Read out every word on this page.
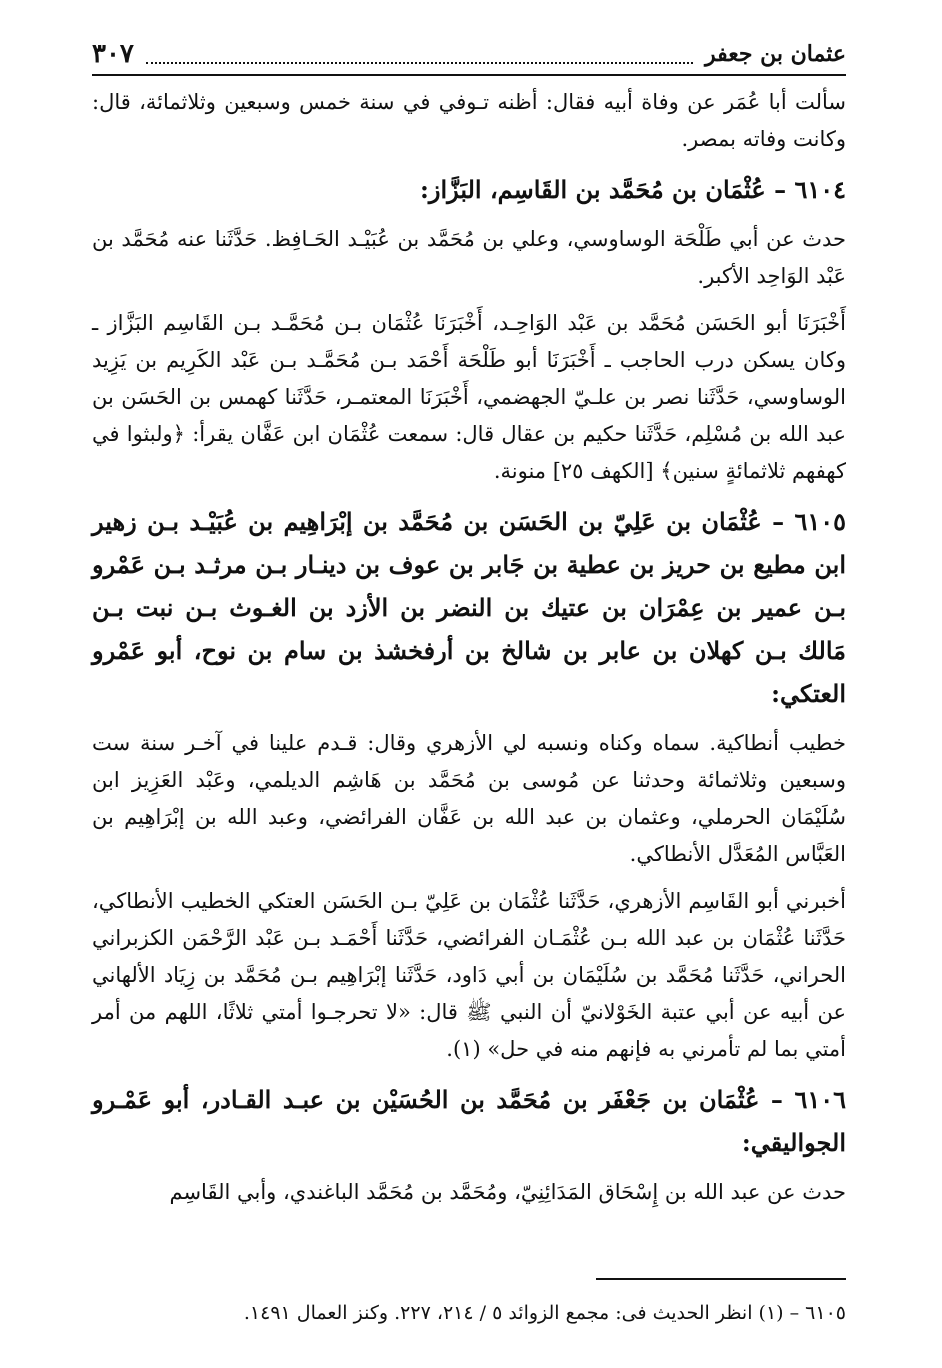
عثمان بن جعفر
٣٠٧

سألت أبا عُمَر عن وفاة أبيه فقال: أظنه تـوفي في سنة خمس وسبعين وثلاثمائة، قال: وكانت وفاته بمصر.

٦١٠٤ – عُثْمَان بن مُحَمَّد بن القَاسِم، البَزَّاز:

حدث عن أبي طَلْحَة الوساوسي، وعلي بن مُحَمَّد بن عُبَيْـد الحَـافِظ. حَدَّثَنا عنه مُحَمَّد بن عَبْد الوَاحِد الأكبر.

أَخْبَرَنَا أبو الحَسَن مُحَمَّد بن عَبْد الوَاحِـد، أَخْبَرَنَا عُثْمَان بـن مُحَمَّـد بـن القَاسِم البَزَّاز ـ وكان يسكن درب الحاجب ـ أَخْبَرَنَا أبو طَلْحَة أَحْمَد بـن مُحَمَّـد بـن عَبْد الكَرِيم بن يَزِيد الوساوسي، حَدَّثَنا نصر بن علـيّ الجهضمي، أَخْبَرَنَا المعتمـر، حَدَّثَنا كهمس بن الحَسَن بن عبد الله بن مُسْلِم، حَدَّثَنا حكيم بن عقال قال: سمعت عُثْمَان ابن عَفَّان يقرأ: ﴿ولبثوا في كهفهم ثلاثمائةٍ سنين﴾ [الكهف ٢٥] منونة.

٦١٠٥ – عُثْمَان بن عَلِيّ بن الحَسَن بن مُحَمَّد بن إبْرَاهِيم بن عُبَيْـد بـن زهير ابن مطيع بن حريز بن عطية بن جَابر بن عوف بن دينـار بـن مرثـد بـن عَمْرو بـن عمير بن عِمْرَان بن عتيك بن النضر بن الأزد بن الغـوث بـن نبت بـن مَالك بـن كهلان بن عابر بن شالخ بن أرفخشذ بن سام بن نوح، أبو عَمْرو العتكي:

خطيب أنطاكية. سماه وكناه ونسبه لي الأزهري وقال: قـدم علينا في آخـر سنة ست وسبعين وثلاثمائة وحدثنا عن مُوسى بن مُحَمَّد بن هَاشِم الديلمي، وعَبْد العَزِيز ابن سُلَيْمَان الحرملي، وعثمان بن عبد الله بن عَفَّان الفرائضي، وعبد الله بن إبْرَاهِيم بن العَبَّاس المُعَدَّل الأنطاكي.

أخبرني أبو القَاسِم الأزهري، حَدَّثَنا عُثْمَان بن عَلِيّ بـن الحَسَن العتكي الخطيب الأنطاكي، حَدَّثَنا عُثْمَان بن عبد الله بـن عُثْمَـان الفرائضي، حَدَّثَنا أَحْمَـد بـن عَبْد الرَّحْمَن الكزبراني الحراني، حَدَّثَنا مُحَمَّد بن سُلَيْمَان بن أبي دَاود، حَدَّثَنا إبْرَاهِيم بـن مُحَمَّد بن زِيَاد الألهاني عن أبيه عن أبي عتبة الخَوْلانيّ أن النبي ﷺ قال: «لا تحرجـوا أمتي ثلاثًا، اللهم من أمر أمتي بما لم تأمرني به فإنهم منه في حل» (١).

٦١٠٦ – عُثْمَان بن جَعْفَر بن مُحَمَّد بن الحُسَيْن بن عبـد القـادر، أبو عَمْـرو الجواليقي:

حدث عن عبد الله بن إِسْحَاق المَدَائِنِيّ، ومُحَمَّد بن مُحَمَّد الباغندي، وأبي القَاسِم

٦١٠٥ – (١) انظر الحديث فى: مجمع الزوائد ٥ / ٢١٤، ٢٢٧. وكنز العمال ١٤٩١.
